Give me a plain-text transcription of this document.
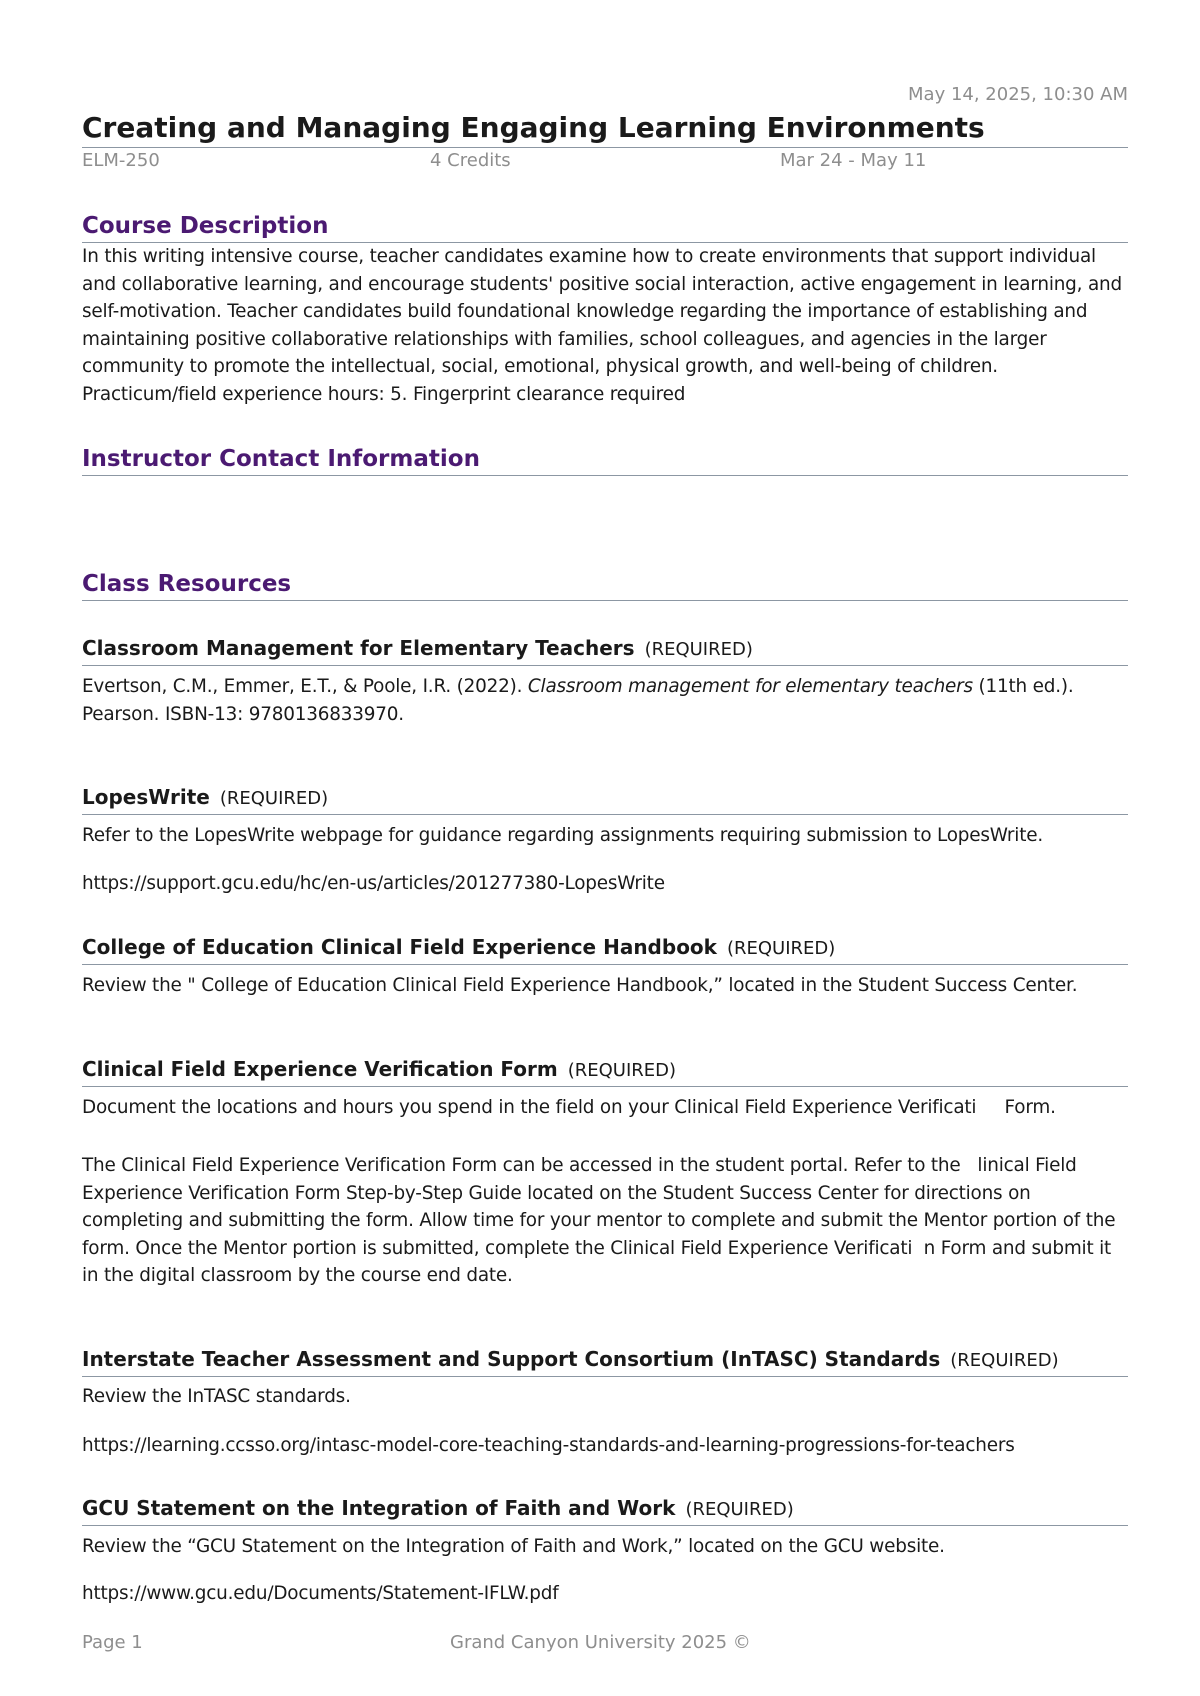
May 14, 2025, 10:30 AM
Creating and Managing Engaging Learning Environments
ELM-250	4 Credits	Mar 24 - May 11
Course Description
In this writing intensive course, teacher candidates examine how to create environments that support individual and collaborative learning, and encourage students' positive social interaction, active engagement in learning, and self-motivation. Teacher candidates build foundational knowledge regarding the importance of establishing and maintaining positive collaborative relationships with families, school colleagues, and agencies in the larger community to promote the intellectual, social, emotional, physical growth, and well-being of children. Practicum/field experience hours: 5. Fingerprint clearance required
Instructor Contact Information
Class Resources
Classroom Management for Elementary Teachers (REQUIRED)
Evertson, C.M., Emmer, E.T., & Poole, I.R. (2022). Classroom management for elementary teachers (11th ed.). Pearson. ISBN-13: 9780136833970.
LopesWrite (REQUIRED)
Refer to the LopesWrite webpage for guidance regarding assignments requiring submission to LopesWrite.
https://support.gcu.edu/hc/en-us/articles/201277380-LopesWrite
College of Education Clinical Field Experience Handbook (REQUIRED)
Review the " College of Education Clinical Field Experience Handbook,” located in the Student Success Center.
Clinical Field Experience Verification Form (REQUIRED)
Document the locations and hours you spend in the field on your Clinical Field Experience Verificati     Form.
The Clinical Field Experience Verification Form can be accessed in the student portal. Refer to the   linical Field Experience Verification Form Step-by-Step Guide located on the Student Success Center for directions on completing and submitting the form. Allow time for your mentor to complete and submit the Mentor portion of the form. Once the Mentor portion is submitted, complete the Clinical Field Experience Verificati  n Form and submit it in the digital classroom by the course end date.
Interstate Teacher Assessment and Support Consortium (InTASC) Standards (REQUIRED)
Review the InTASC standards.
https://learning.ccsso.org/intasc-model-core-teaching-standards-and-learning-progressions-for-teachers
GCU Statement on the Integration of Faith and Work (REQUIRED)
Review the “GCU Statement on the Integration of Faith and Work,” located on the GCU website.
https://www.gcu.edu/Documents/Statement-IFLW.pdf
Page 1	Grand Canyon University 2025 ©
